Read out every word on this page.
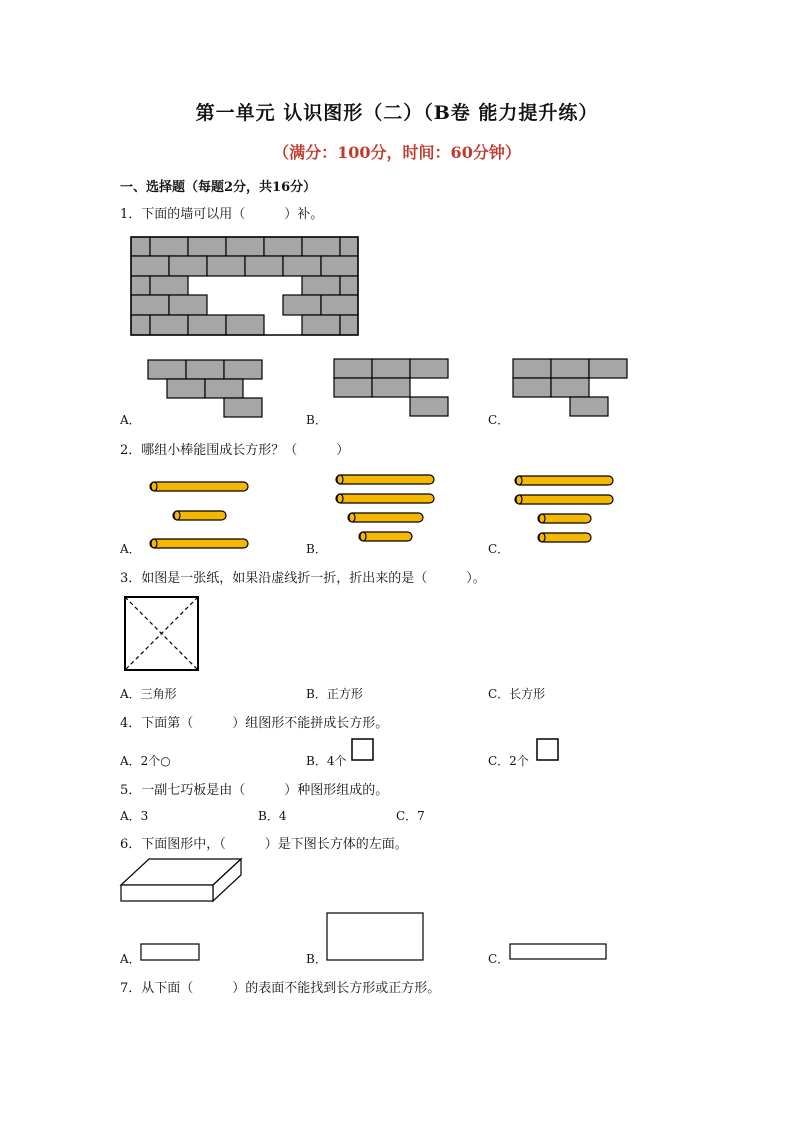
第一单元 认识图形（二）（B卷 能力提升练）
（满分：100分，时间：60分钟）
一、选择题（每题2分，共16分）
1．下面的墙可以用（　　　）补。
A．	B．	C．
2．哪组小棒能围成长方形？（　　　）
A．	B．	C．
3．如图是一张纸，如果沿虚线折一折，折出来的是（　　　）。
A．三角形	B．正方形	C．长方形
4．下面第（　　　）组图形不能拼成长方形。
A．2个○	B．4个	C．2个
5．一副七巧板是由（　　　）种图形组成的。
A．3	B．4	C．7
6．下面图形中，（　　　）是下图长方体的左面。
A．	B．	C．
7．从下面（　　　）的表面不能找到长方形或正方形。
